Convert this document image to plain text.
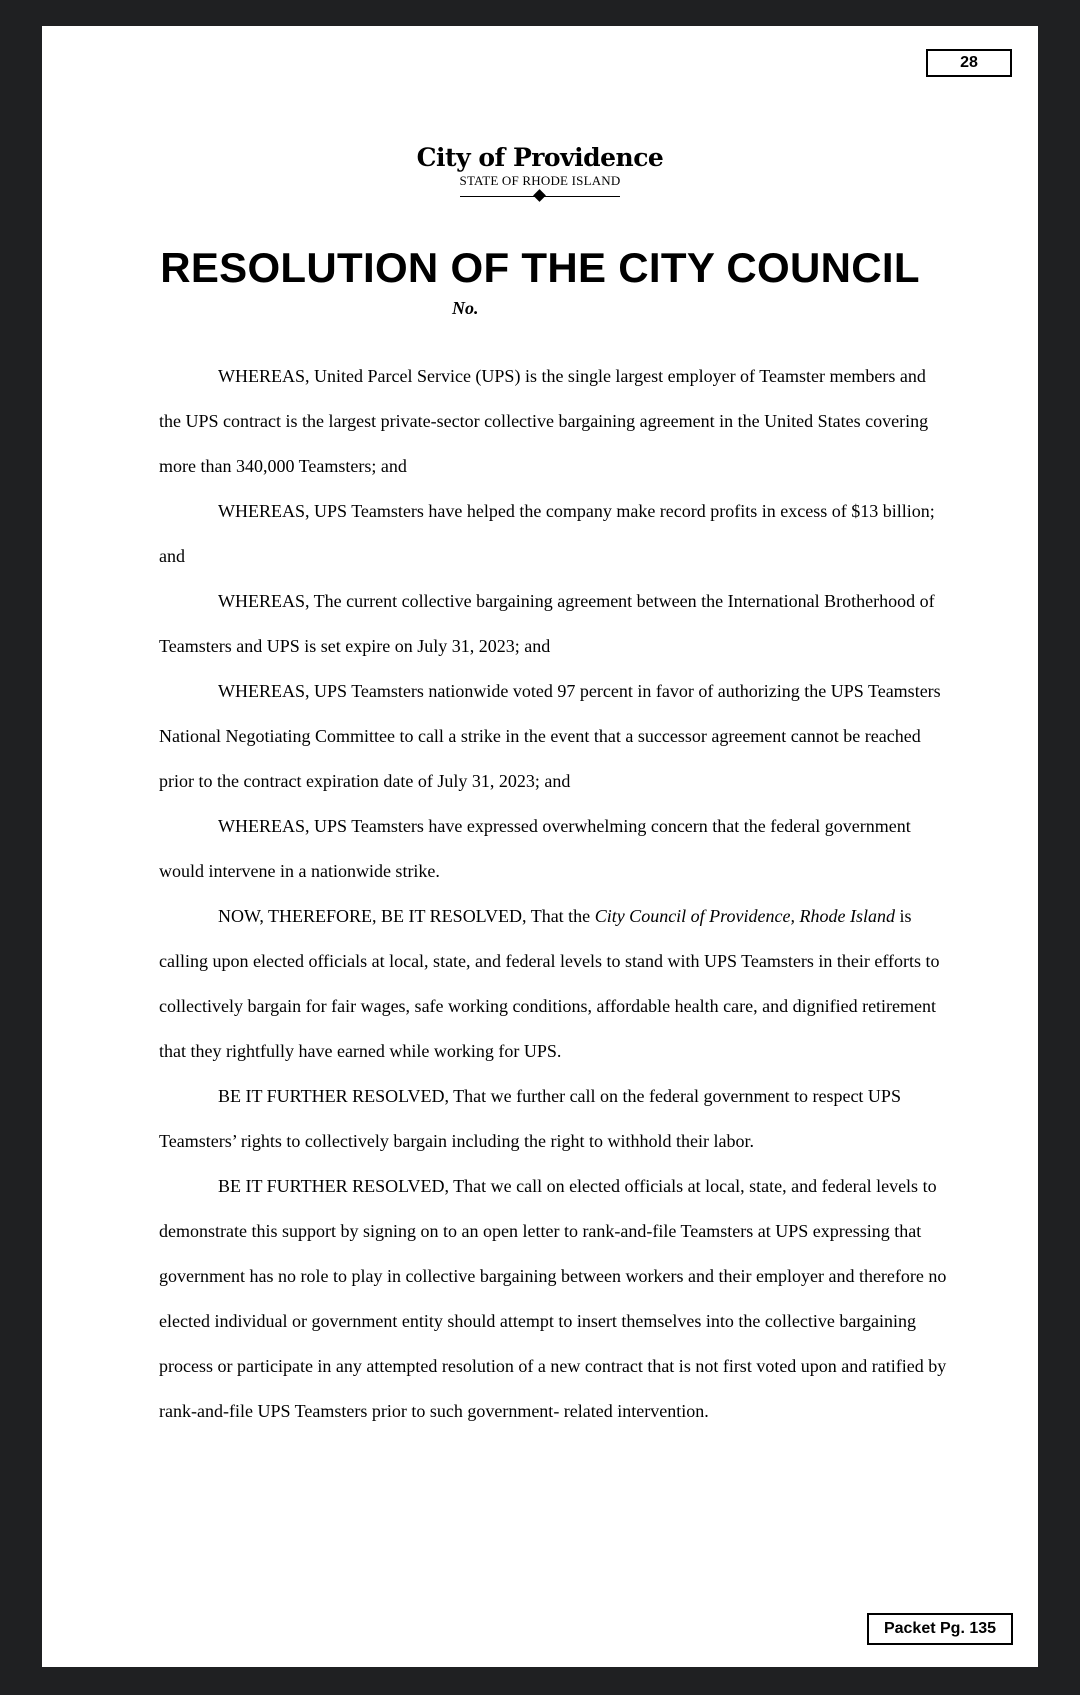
28
City of Providence
STATE OF RHODE ISLAND
RESOLUTION OF THE CITY COUNCIL
No.

WHEREAS, United Parcel Service (UPS) is the single largest employer of Teamster members and the UPS contract is the largest private-sector collective bargaining agreement in the United States covering more than 340,000 Teamsters; and

WHEREAS, UPS Teamsters have helped the company make record profits in excess of $13 billion; and

WHEREAS, The current collective bargaining agreement between the International Brotherhood of Teamsters and UPS is set expire on July 31, 2023; and

WHEREAS, UPS Teamsters nationwide voted 97 percent in favor of authorizing the UPS Teamsters National Negotiating Committee to call a strike in the event that a successor agreement cannot be reached prior to the contract expiration date of July 31, 2023; and

WHEREAS, UPS Teamsters have expressed overwhelming concern that the federal government would intervene in a nationwide strike.

NOW, THEREFORE, BE IT RESOLVED, That the City Council of Providence, Rhode Island is calling upon elected officials at local, state, and federal levels to stand with UPS Teamsters in their efforts to collectively bargain for fair wages, safe working conditions, affordable health care, and dignified retirement that they rightfully have earned while working for UPS.

BE IT FURTHER RESOLVED, That we further call on the federal government to respect UPS Teamsters’ rights to collectively bargain including the right to withhold their labor.

BE IT FURTHER RESOLVED, That we call on elected officials at local, state, and federal levels to demonstrate this support by signing on to an open letter to rank-and-file Teamsters at UPS expressing that government has no role to play in collective bargaining between workers and their employer and therefore no elected individual or government entity should attempt to insert themselves into the collective bargaining process or participate in any attempted resolution of a new contract that is not first voted upon and ratified by rank-and-file UPS Teamsters prior to such government- related intervention.

Packet Pg. 135
